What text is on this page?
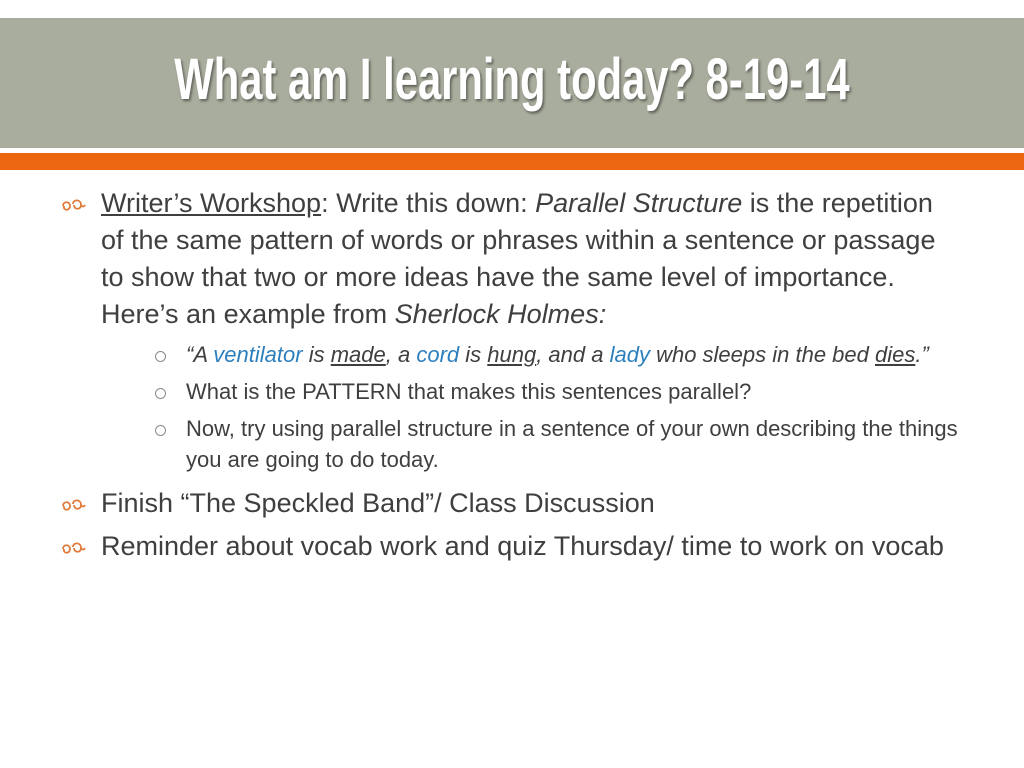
What am I learning today? 8-19-14
Writer’s Workshop: Write this down: Parallel Structure is the repetition of the same pattern of words or phrases within a sentence or passage to show that two or more ideas have the same level of importance. Here’s an example from Sherlock Holmes:
“A ventilator is made, a cord is hung, and a lady who sleeps in the bed dies.”
What is the PATTERN that makes this sentences parallel?
Now, try using parallel structure in a sentence of your own describing the things you are going to do today.
Finish “The Speckled Band”/ Class Discussion
Reminder about vocab work and quiz Thursday/ time to work on vocab
